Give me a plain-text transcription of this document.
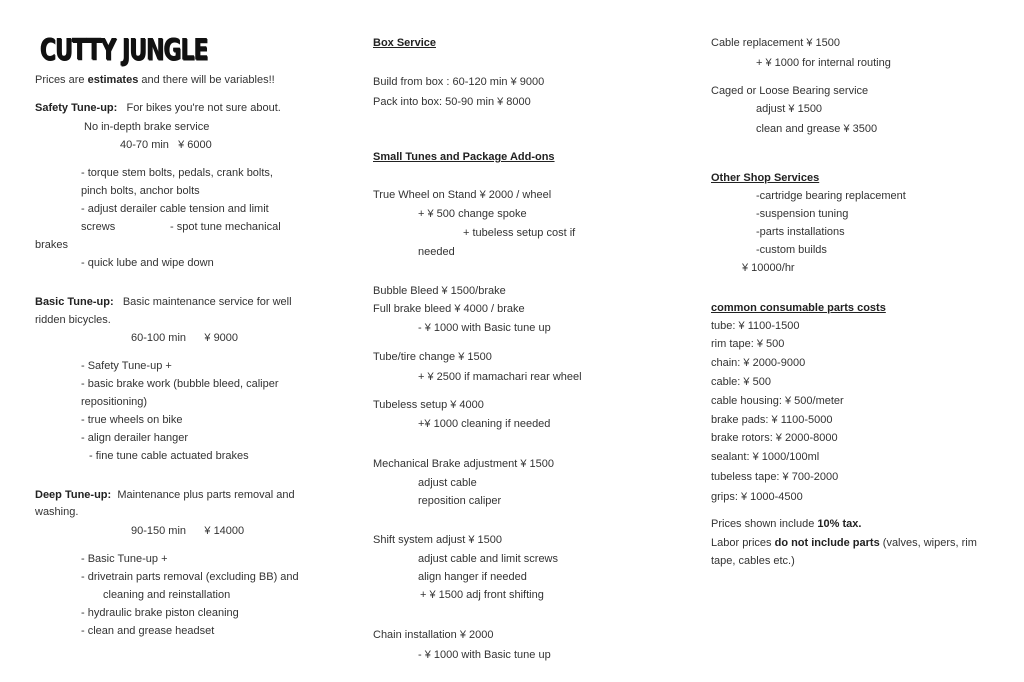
CUTTY JUNGLE
Prices are estimates and there will be variables!!
Safety Tune-up: For bikes you're not sure about.
No in-depth brake service
40-70 min ¥ 6000
- torque stem bolts, pedals, crank bolts,
pinch bolts, anchor bolts
- adjust derailer cable tension and limit
screws	- spot tune mechanical
brakes
- quick lube and wipe down
Basic Tune-up: Basic maintenance service for well
ridden bicycles.
60-100 min ¥ 9000
- Safety Tune-up +
- basic brake work (bubble bleed, caliper
repositioning)
- true wheels on bike
- align derailer hanger
- fine tune cable actuated brakes
Deep Tune-up: Maintenance plus parts removal and
washing.
90-150 min ¥ 14000
- Basic Tune-up +
- drivetrain parts removal (excluding BB) and
cleaning and reinstallation
- hydraulic brake piston cleaning
- clean and grease headset
Box Service
Build from box : 60-120 min ¥ 9000
Pack into box: 50-90 min ¥ 8000
Small Tunes and Package Add-ons
True Wheel on Stand ¥ 2000 / wheel
+ ¥ 500 change spoke
+ tubeless setup cost if
needed
Bubble Bleed ¥ 1500/brake
Full brake bleed ¥ 4000 / brake
- ¥ 1000 with Basic tune up
Tube/tire change ¥ 1500
+ ¥ 2500 if mamachari rear wheel
Tubeless setup ¥ 4000
+¥ 1000 cleaning if needed
Mechanical Brake adjustment ¥ 1500
adjust cable
reposition caliper
Shift system adjust ¥ 1500
adjust cable and limit screws
align hanger if needed
+ ¥ 1500 adj front shifting
Chain installation ¥ 2000
- ¥ 1000 with Basic tune up
Cable replacement ¥ 1500
+ ¥ 1000 for internal routing
Caged or Loose Bearing service
adjust ¥ 1500
clean and grease ¥ 3500
Other Shop Services
-cartridge bearing replacement
-suspension tuning
-parts installations
-custom builds
¥ 10000/hr
common consumable parts costs
tube: ¥ 1100-1500
rim tape: ¥ 500
chain: ¥ 2000-9000
cable: ¥ 500
cable housing: ¥ 500/meter
brake pads: ¥ 1100-5000
brake rotors: ¥ 2000-8000
sealant: ¥ 1000/100ml
tubeless tape: ¥ 700-2000
grips: ¥ 1000-4500
Prices shown include 10% tax.
Labor prices do not include parts (valves, wipers, rim
tape, cables etc.)
